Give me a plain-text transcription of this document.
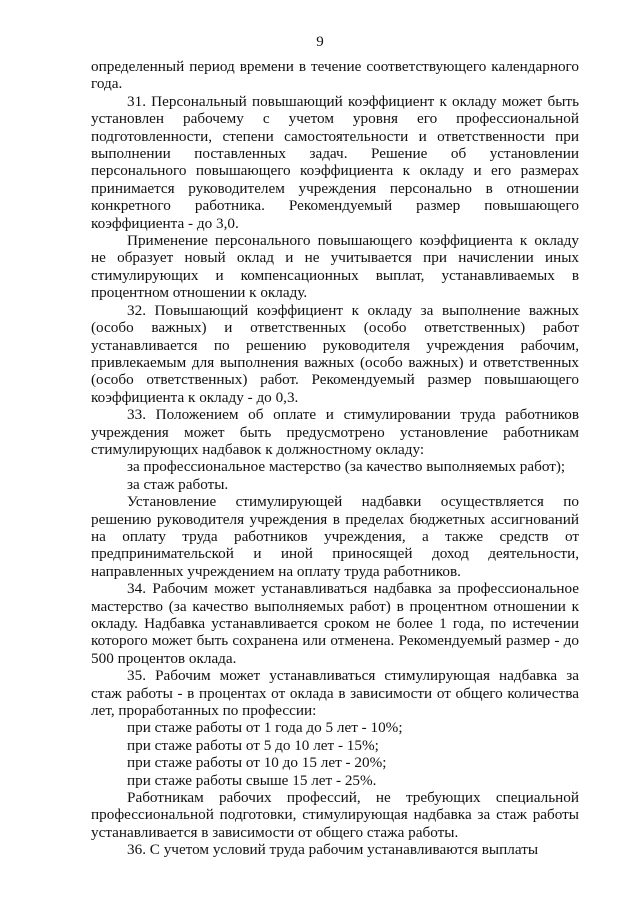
9

определенный период времени в течение соответствующего календарного года.

31. Персональный повышающий коэффициент к окладу может быть установлен рабочему с учетом уровня его профессиональной подготовленности, степени самостоятельности и ответственности при выполнении поставленных задач. Решение об установлении персонального повышающего коэффициента к окладу и его размерах принимается руководителем учреждения персонально в отношении конкретного работника. Рекомендуемый размер повышающего коэффициента - до 3,0.

Применение персонального повышающего коэффициента к окладу не образует новый оклад и не учитывается при начислении иных стимулирующих и компенсационных выплат, устанавливаемых в процентном отношении к окладу.

32. Повышающий коэффициент к окладу за выполнение важных (особо важных) и ответственных (особо ответственных) работ устанавливается по решению руководителя учреждения рабочим, привлекаемым для выполнения важных (особо важных) и ответственных (особо ответственных) работ. Рекомендуемый размер повышающего коэффициента к окладу - до 0,3.

33. Положением об оплате и стимулировании труда работников учреждения может быть предусмотрено установление работникам стимулирующих надбавок к должностному окладу:

за профессиональное мастерство (за качество выполняемых работ);

за стаж работы.

Установление стимулирующей надбавки осуществляется по решению руководителя учреждения в пределах бюджетных ассигнований на оплату труда работников учреждения, а также средств от предпринимательской и иной приносящей доход деятельности, направленных учреждением на оплату труда работников.

34. Рабочим может устанавливаться надбавка за профессиональное мастерство (за качество выполняемых работ) в процентном отношении к окладу. Надбавка устанавливается сроком не более 1 года, по истечении которого может быть сохранена или отменена. Рекомендуемый размер - до 500 процентов оклада.

35. Рабочим может устанавливаться стимулирующая надбавка за стаж работы - в процентах от оклада в зависимости от общего количества лет, проработанных по профессии:

при стаже работы от 1 года до 5 лет - 10%;

при стаже работы от 5 до 10 лет - 15%;

при стаже работы от 10 до 15 лет - 20%;

при стаже работы свыше 15 лет - 25%.

Работникам рабочих профессий, не требующих специальной профессиональной подготовки, стимулирующая надбавка за стаж работы устанавливается в зависимости от общего стажа работы.

36. С учетом условий труда рабочим устанавливаются выплаты
